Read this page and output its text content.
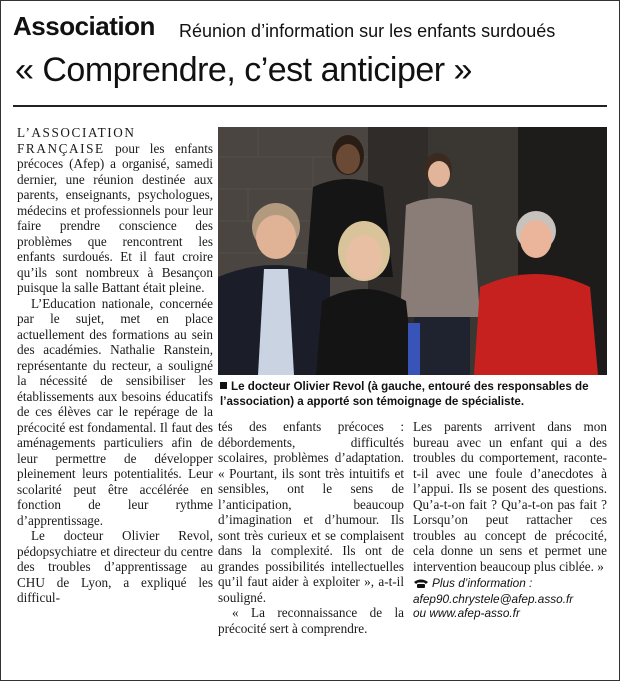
Association Réunion d’information sur les enfants surdoués
« Comprendre, c’est anticiper »

L’ASSOCIATION FRANÇAISE pour les enfants précoces (Afep) a organisé, samedi dernier, une réunion destinée aux parents, enseignants, psychologues, médecins et professionnels pour leur faire prendre conscience des problèmes que rencontrent les enfants surdoués. Et il faut croire qu’ils sont nombreux à Besançon puisque la salle Battant était pleine.

L’Education nationale, concernée par le sujet, met en place actuellement des formations au sein des académies. Nathalie Ranstein, représentante du recteur, a souligné la nécessité de sensibiliser les établissements aux besoins éducatifs de ces élèves car le repérage de la précocité est fondamental. Il faut des aménagements particuliers afin de leur permettre de développer pleinement leurs potentialités. Leur scolarité peut être accélérée en fonction de leur rythme d’apprentissage.

Le docteur Olivier Revol, pédopsychiatre et directeur du centre des troubles d’apprentissage au CHU de Lyon, a expliqué les difficul-

Le docteur Olivier Revol (à gauche, entouré des responsables de l’association) a apporté son témoignage de spécialiste.

tés des enfants précoces : débordements, difficultés scolaires, problèmes d’adaptation. « Pourtant, ils sont très intuitifs et sensibles, ont le sens de l’anticipation, beaucoup d’imagination et d’humour. Ils sont très curieux et se complaisent dans la complexité. Ils ont de grandes possibilités intellectuelles qu’il faut aider à exploiter », a-t-il souligné.

« La reconnaissance de la précocité sert à comprendre.

Les parents arrivent dans mon bureau avec un enfant qui a des troubles du comportement, raconte-t-il avec une foule d’anecdotes à l’appui. Ils se posent des questions. Qu’a-t-on fait ? Qu’a-t-on pas fait ? Lorsqu’on peut rattacher ces troubles au concept de précocité, cela donne un sens et permet une intervention beaucoup plus ciblée. »

Plus d’information :
afep90.chrystele@afep.asso.fr
ou www.afep-asso.fr
